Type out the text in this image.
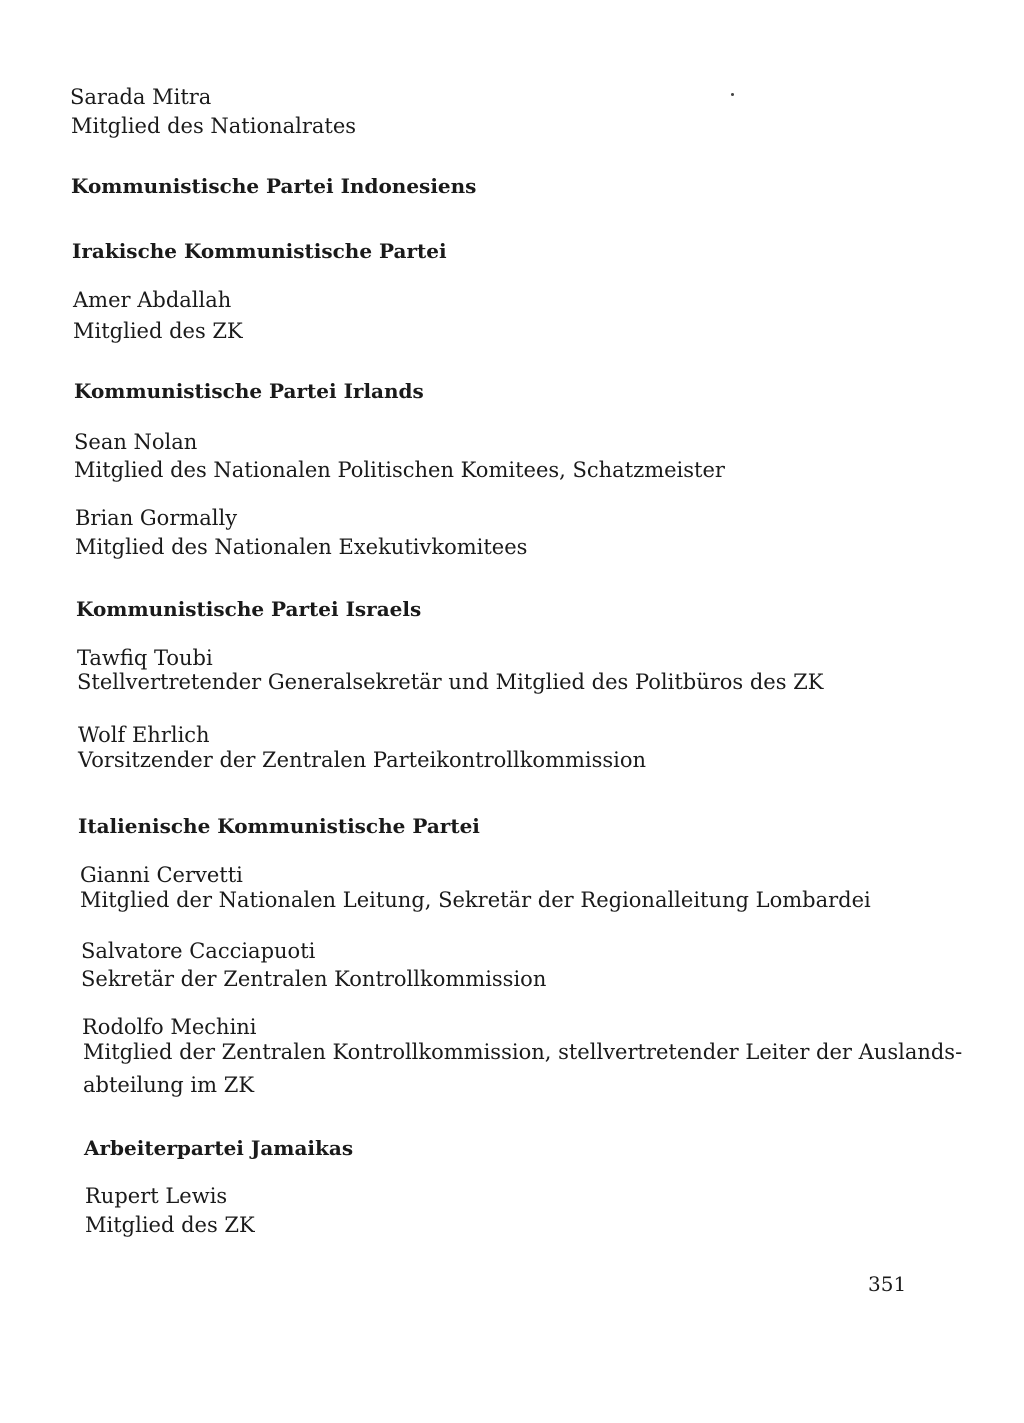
Sarada Mitra
Mitglied des Nationalrates
Kommunistische Partei Indonesiens
Irakische Kommunistische Partei
Amer Abdallah
Mitglied des ZK
Kommunistische Partei Irlands
Sean Nolan
Mitglied des Nationalen Politischen Komitees, Schatzmeister
Brian Gormally
Mitglied des Nationalen Exekutivkomitees
Kommunistische Partei Israels
Tawfiq Toubi
Stellvertretender Generalsekretär und Mitglied des Politbüros des ZK
Wolf Ehrlich
Vorsitzender der Zentralen Parteikontrollkommission
Italienische Kommunistische Partei
Gianni Cervetti
Mitglied der Nationalen Leitung, Sekretär der Regionalleitung Lombardei
Salvatore Cacciapuoti
Sekretär der Zentralen Kontrollkommission
Rodolfo Mechini
Mitglied der Zentralen Kontrollkommission, stellvertretender Leiter der Auslands-
abteilung im ZK
Arbeiterpartei Jamaikas
Rupert Lewis
Mitglied des ZK
351
